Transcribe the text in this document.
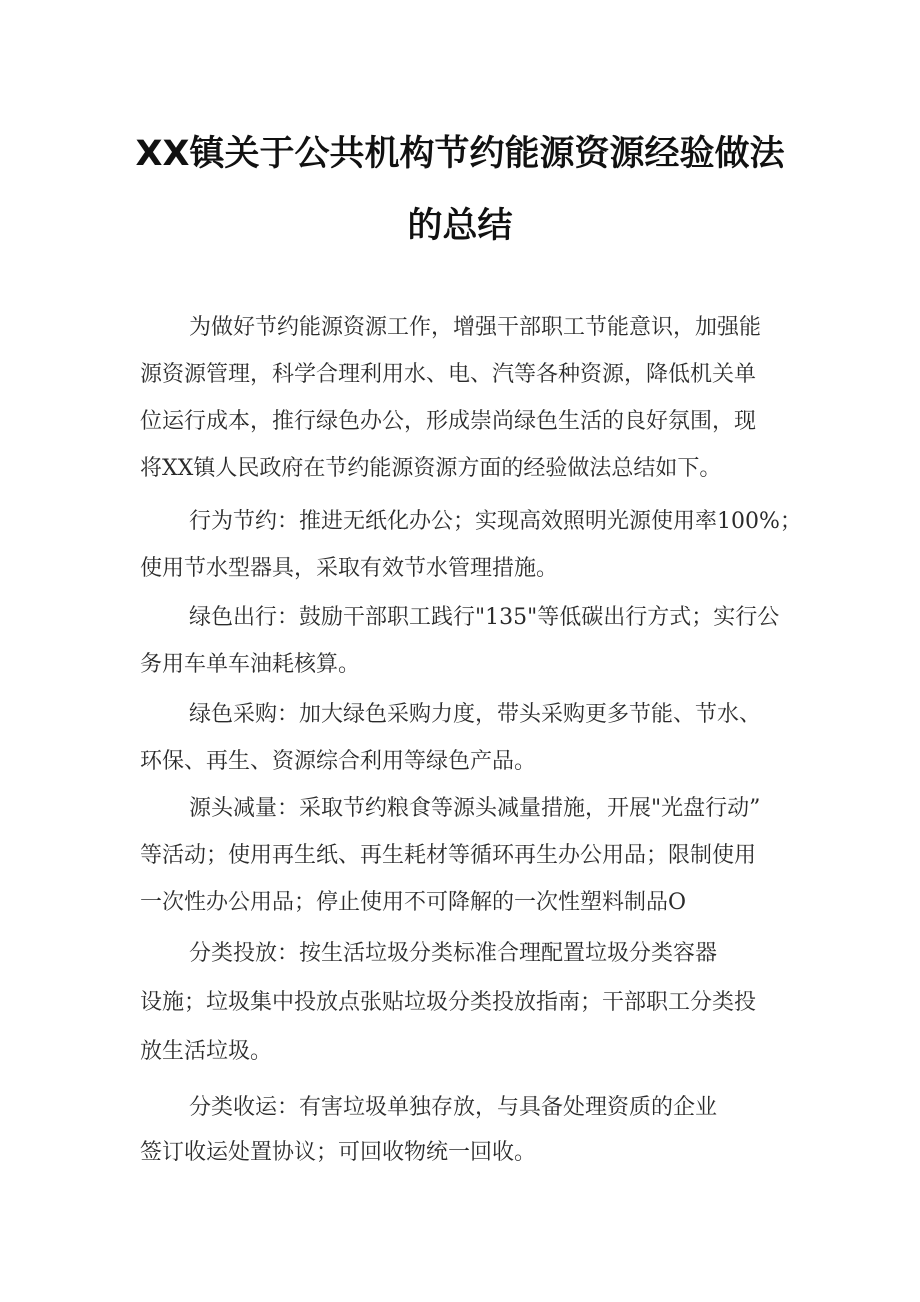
XX镇关于公共机构节约能源资源经验做法
的总结
为做好节约能源资源工作，增强干部职工节能意识，加强能
源资源管理，科学合理利用水、电、汽等各种资源，降低机关单
位运行成本，推行绿色办公，形成崇尚绿色生活的良好氛围，现
将XX镇人民政府在节约能源资源方面的经验做法总结如下。
行为节约：推进无纸化办公；实现高效照明光源使用率100%；
使用节水型器具，采取有效节水管理措施。
绿色出行：鼓励干部职工践行"135"等低碳出行方式；实行公
务用车单车油耗核算。
绿色采购：加大绿色采购力度，带头采购更多节能、节水、
环保、再生、资源综合利用等绿色产品。
源头减量：采取节约粮食等源头减量措施，开展"光盘行动”
等活动；使用再生纸、再生耗材等循环再生办公用品；限制使用
一次性办公用品；停止使用不可降解的一次性塑料制品O
分类投放：按生活垃圾分类标准合理配置垃圾分类容器
设施；垃圾集中投放点张贴垃圾分类投放指南；干部职工分类投
放生活垃圾。
分类收运：有害垃圾单独存放，与具备处理资质的企业
签订收运处置协议；可回收物统一回收。
